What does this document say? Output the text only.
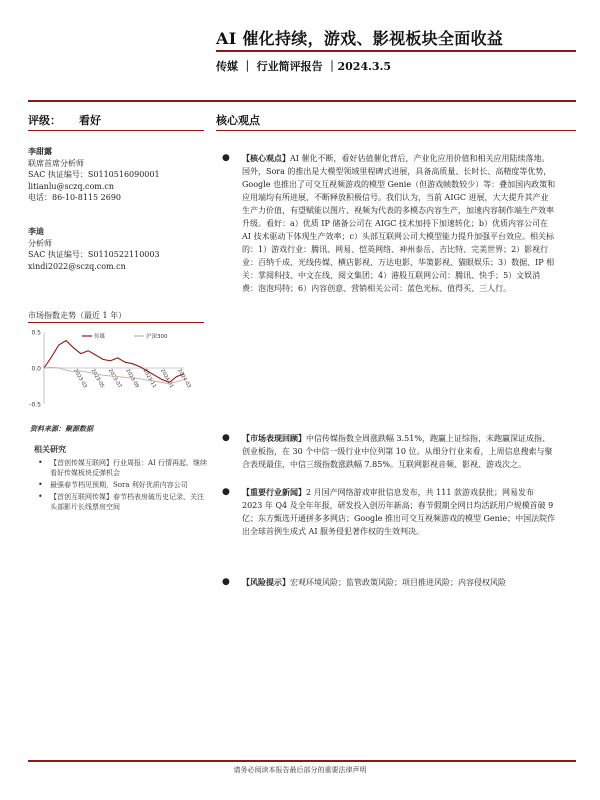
AI 催化持续，游戏、影视板块全面收益
传媒 ｜ 行业简评报告 ｜2024.3.5
评级： 看好	核心观点
李甜露
联席首席分析师
SAC 执证编号：S0110516090001
litianlu@sczq.com.cn
电话：86-10-8115 2690
李迪
分析师
SAC 执证编号：S0110522110003
xindi2022@sczq.com.cn
市场指数走势（最近 1 年）
0.5
0.0
-0.5
2023-03 2023-05 2023-07 2023-09 2023-11 2024-01 2024-03
传媒	沪深300
资料来源：聚源数据
相关研究
• 【首创传媒互联网】行业周报：AI 行情再起，继续看好传媒板块反弹机会
• 最强春节档见预期，Sora 利好优质内容公司
• 【首创互联网传媒】春节档表房破历史记录，关注头部影片长线票房空间
● 【核心观点】AI 催化不断，看好估值催化背后，产业化应用价值和相关应用陆续落地。国外，Sora 的推出是大模型领域里程碑式进展，具备高质量、长时长、高精度等优势，Google 也推出了可交互视频游戏的模型 Genie（但游戏帧数较少）等：叠加国内政策和应用端均有所进展，不断释放积极信号。我们认为，当前 AIGC 进展，大大提升其产业生产力价值，有望赋能以图片、视频为代表的多模态内容生产，加速内容制作端生产效率升级。看好：a）优质 IP 储备公司在 AIGC 技术加持下加速转化；b）优质内容公司在 AI 技术驱动下体现生产效率；c）头部互联网公司大模型能力提升加强平台效应。相关标的：1）游戏行业：腾讯、网易、恺英网络、神州泰岳、吉比特、完美世界；2）影视行业：百纳千成、光线传媒、横店影视、万达电影、华策影视、猫眼娱乐；3）数据、IP 相关：掌阅科技、中文在线、阅文集团；4）港股互联网公司：腾讯、快手；5）文娱消费：泡泡玛特；6）内容创意、营销相关公司：蓝色光标、值得买、三人行。
● 【市场表现回顾】中信传媒指数全周涨跌幅 3.51%，跑赢上证综指，未跑赢深证成指、创业板指，在 30 个中信一级行业中位列第 10 位。从细分行业来看，上周信息搜索与聚合表现最佳，中信三级指数涨跌幅 7.85%。互联网影视音频、影视、游戏次之。
● 【重要行业新闻】2 月国产网络游戏审批信息发布，共 111 款游戏获批；网易发布 2023 年 Q4 及全年年报，研发投入创历年新高；春节假期全网日均活跃用户规模首破 9 亿；东方甄选开通拼多多网店；Google 推出可交互视频游戏的模型 Genie；中国法院作出全球首例生成式 AI 服务侵犯著作权的生效判决。
● 【风险提示】宏观环境风险；监管政策风险；项目推进风险；内容侵权风险
请务必阅读本报告最后部分的重要法律声明
